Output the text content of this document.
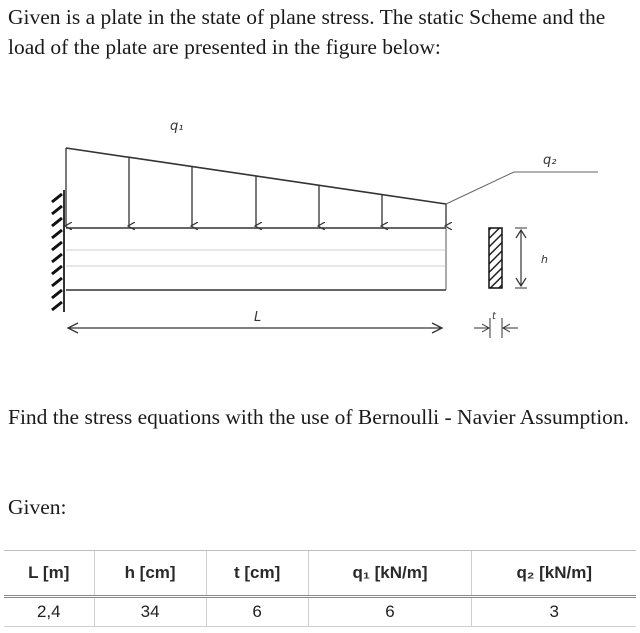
Given is a plate in the state of plane stress. The static Scheme and the load of the plate are presented in the figure below:

q₁
q₂
h
L	t

Find the stress equations with the use of Bernoulli - Navier Assumption.

Given:

L [m]	h [cm]	t [cm]	q₁ [kN/m]	q₂ [kN/m]
2,4	34	6	6	3
